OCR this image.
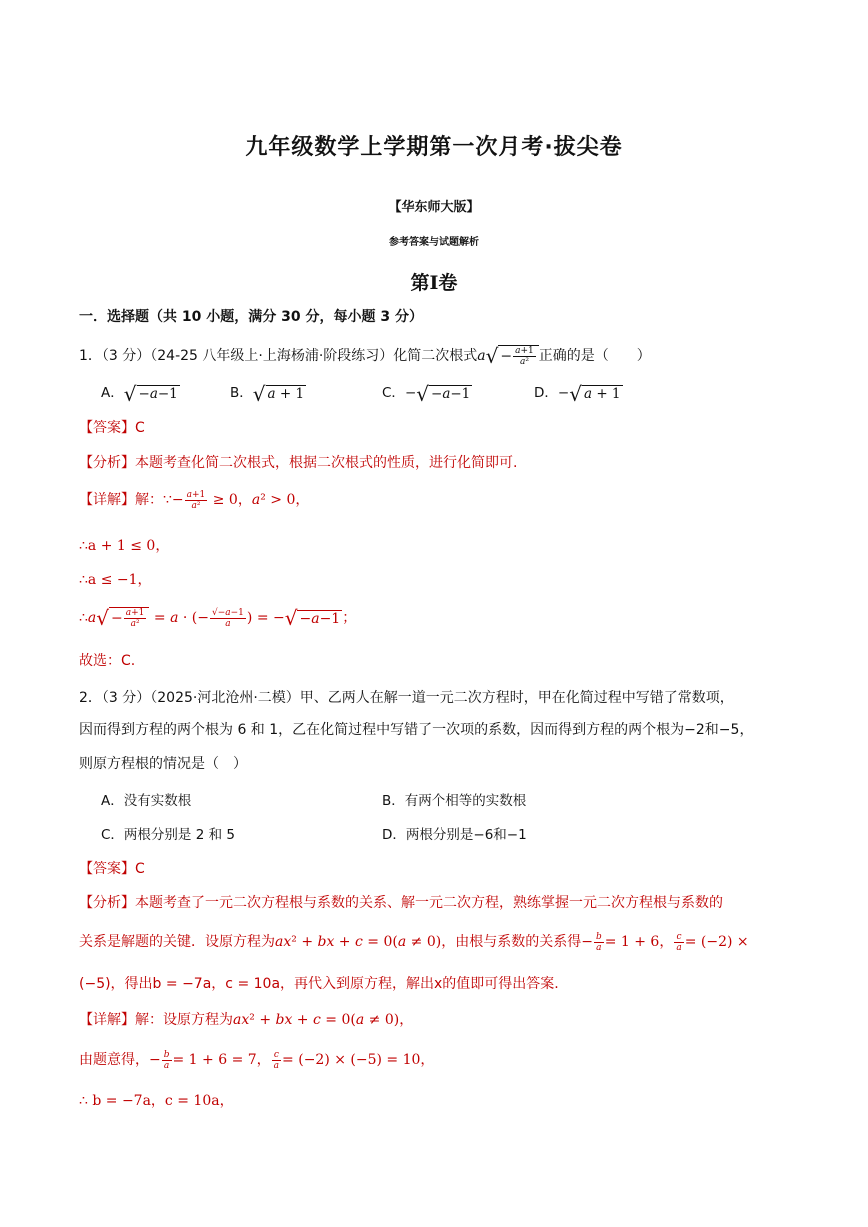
九年级数学上学期第一次月考·拔尖卷
【华东师大版】
参考答案与试题解析
第Ⅰ卷
一．选择题（共 10 小题，满分 30 分，每小题 3 分）
1．（3 分）（24-25 八年级上·上海杨浦·阶段练习）化简二次根式$a√ - \frac{a+1}{\text{a²}}$ 正确的是（　　）
A．√ −a−1	B．√ a + 1	C．−√ −a−1	D．−√ a + 1
【答案】C
【分析】本题考查化简二次根式，根据二次根式的性质，进行化简即可.
【详解】解：∵− $\frac{a+1}{\text{a²}} \ge 0$，a² > 0，
∴a + 1 ≤ 0，
∴a ≤ −1，
∴a√ − $\frac{a+1}{\text{a²}} = a$ · (− $\frac{√-a-1}{a}$ ) = −√ −a−1 ；
故选：C.
2．（3 分）（2025·河北沧州·二模）甲、乙两人在解一道一元二次方程时，甲在化简过程中写错了常数项，
因而得到方程的两个根为 6 和 1，乙在化简过程中写错了一次项的系数，因而得到方程的两个根为−2和−5，
则原方程根的情况是（　）
A．没有实数根	B．有两个相等的实数根
C．两根分别是 2 和 5	D．两根分别是−6和−1
【答案】C
【分析】本题考查了一元二次方程根与系数的关系、解一元二次方程，熟练掌握一元二次方程根与系数的
关系是解题的关键．设原方程为ax² + bx + c = 0(a ≠ 0)，由根与系数的关系得− $\frac{b}{a} = 1 + 6$， $\frac{c}{a} = (-2)$ ×
(−5)，得出b = −7a，c = 10a，再代入到原方程，解出x的值即可得出答案.
【详解】解：设原方程为ax² + bx + c = 0(a ≠ 0)，
由题意得，− $\frac{b}{a} = 1 + 6 = 7$， $\frac{c}{a} = (-2) \times (-5) = 10$，
∴ b = −7a，c = 10a，
